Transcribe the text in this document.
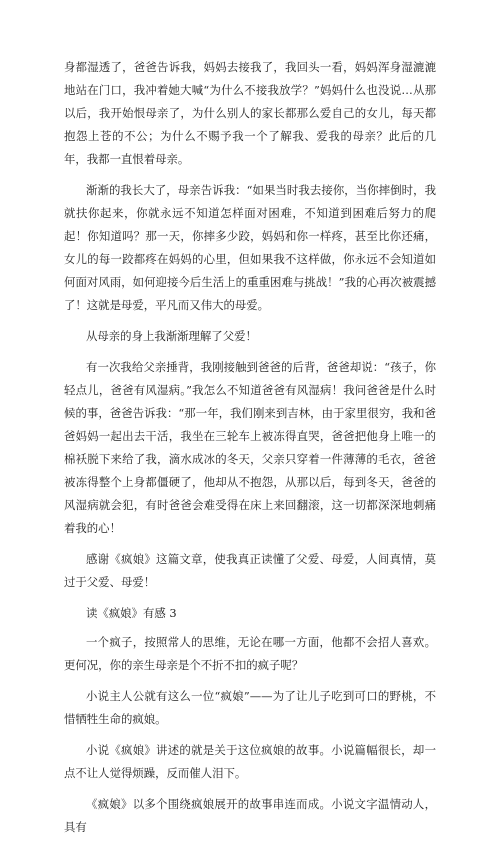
身都湿透了，爸爸告诉我，妈妈去接我了，我回头一看，妈妈浑身湿漉漉地站在门口，我冲着她大喊“为什么不接我放学？”妈妈什么也没说…从那以后，我开始恨母亲了，为什么别人的家长都那么爱自己的女儿，每天都抱怨上苍的不公；为什么不赐予我一个了解我、爱我的母亲？此后的几年，我都一直恨着母亲。

渐渐的我长大了，母亲告诉我：“如果当时我去接你，当你摔倒时，我就扶你起来，你就永远不知道怎样面对困难，不知道到困难后努力的爬起！你知道吗？那一天，你摔多少跤，妈妈和你一样疼，甚至比你还痛，女儿的每一跤都疼在妈妈的心里，但如果我不这样做，你永远不会知道如何面对风雨，如何迎接今后生活上的重重困难与挑战！”我的心再次被震撼了！这就是母爱，平凡而又伟大的母爱。

从母亲的身上我渐渐理解了父爱！

有一次我给父亲捶背，我刚接触到爸爸的后背，爸爸却说：“孩子，你轻点儿，爸爸有风湿病。”我怎么不知道爸爸有风湿病！我问爸爸是什么时候的事，爸爸告诉我：“那一年，我们刚来到吉林，由于家里很穷，我和爸爸妈妈一起出去干活，我坐在三轮车上被冻得直哭，爸爸把他身上唯一的棉袄脱下来给了我，滴水成冰的冬天，父亲只穿着一件薄薄的毛衣，爸爸被冻得整个上身都僵硬了，他却从不抱怨，从那以后，每到冬天，爸爸的风湿病就会犯，有时爸爸会难受得在床上来回翻滚，这一切都深深地刺痛着我的心！

感谢《疯娘》这篇文章，使我真正读懂了父爱、母爱，人间真情，莫过于父爱、母爱！

读《疯娘》有感 3

一个疯子，按照常人的思维，无论在哪一方面，他都不会招人喜欢。更何况，你的亲生母亲是个不折不扣的疯子呢？

小说主人公就有这么一位“疯娘”——为了让儿子吃到可口的野桃，不惜牺牲生命的疯娘。

小说《疯娘》讲述的就是关于这位疯娘的故事。小说篇幅很长，却一点不让人觉得烦躁，反而催人泪下。

《疯娘》以多个围绕疯娘展开的故事串连而成。小说文字温情动人，具有
